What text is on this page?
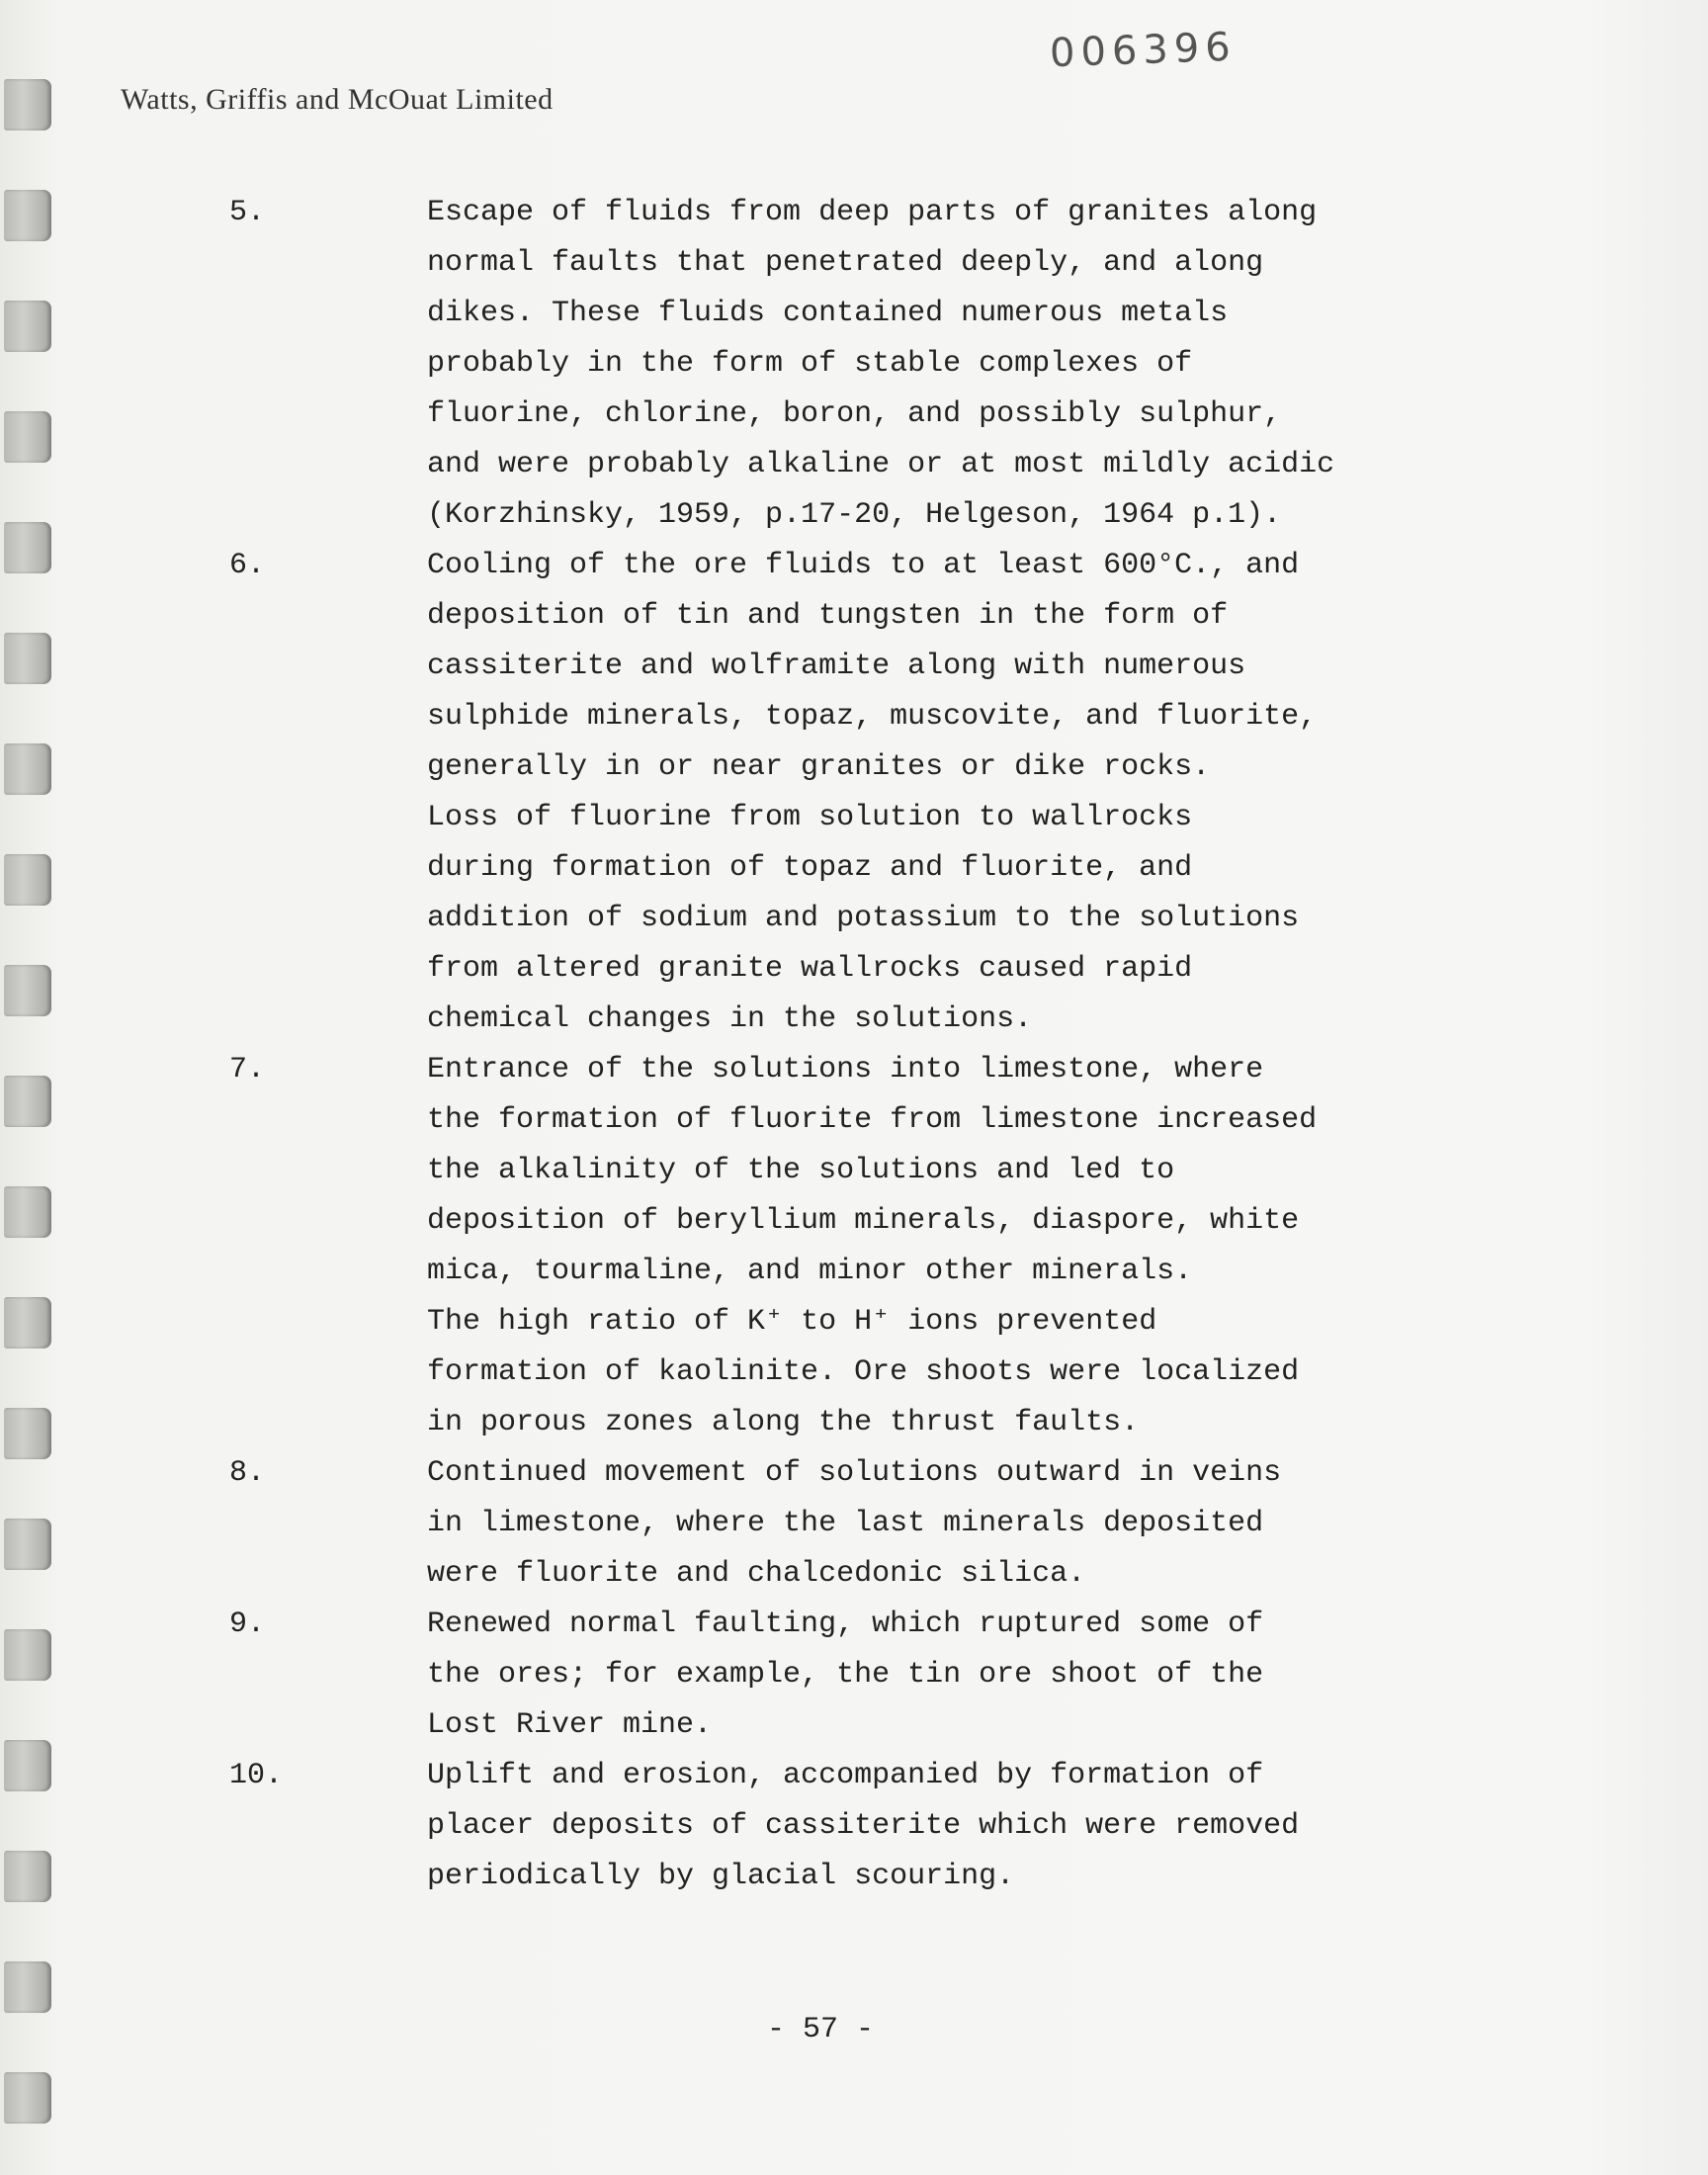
Watts, Griffis and McOuat Limited
006396
5.	Escape of fluids from deep parts of granites along
normal faults that penetrated deeply, and along
dikes. These fluids contained numerous metals
probably in the form of stable complexes of
fluorine, chlorine, boron, and possibly sulphur,
and were probably alkaline or at most mildly acidic
(Korzhinsky, 1959, p.17-20, Helgeson, 1964 p.1).
6.	Cooling of the ore fluids to at least 600°C., and
deposition of tin and tungsten in the form of
cassiterite and wolframite along with numerous
sulphide minerals, topaz, muscovite, and fluorite,
generally in or near granites or dike rocks.
Loss of fluorine from solution to wallrocks
during formation of topaz and fluorite, and
addition of sodium and potassium to the solutions
from altered granite wallrocks caused rapid
chemical changes in the solutions.
7.	Entrance of the solutions into limestone, where
the formation of fluorite from limestone increased
the alkalinity of the solutions and led to
deposition of beryllium minerals, diaspore, white
mica, tourmaline, and minor other minerals.
The high ratio of K⁺ to H⁺ ions prevented
formation of kaolinite. Ore shoots were localized
in porous zones along the thrust faults.
8.	Continued movement of solutions outward in veins
in limestone, where the last minerals deposited
were fluorite and chalcedonic silica.
9.	Renewed normal faulting, which ruptured some of
the ores; for example, the tin ore shoot of the
Lost River mine.
10.	Uplift and erosion, accompanied by formation of
placer deposits of cassiterite which were removed
periodically by glacial scouring.
- 57 -
